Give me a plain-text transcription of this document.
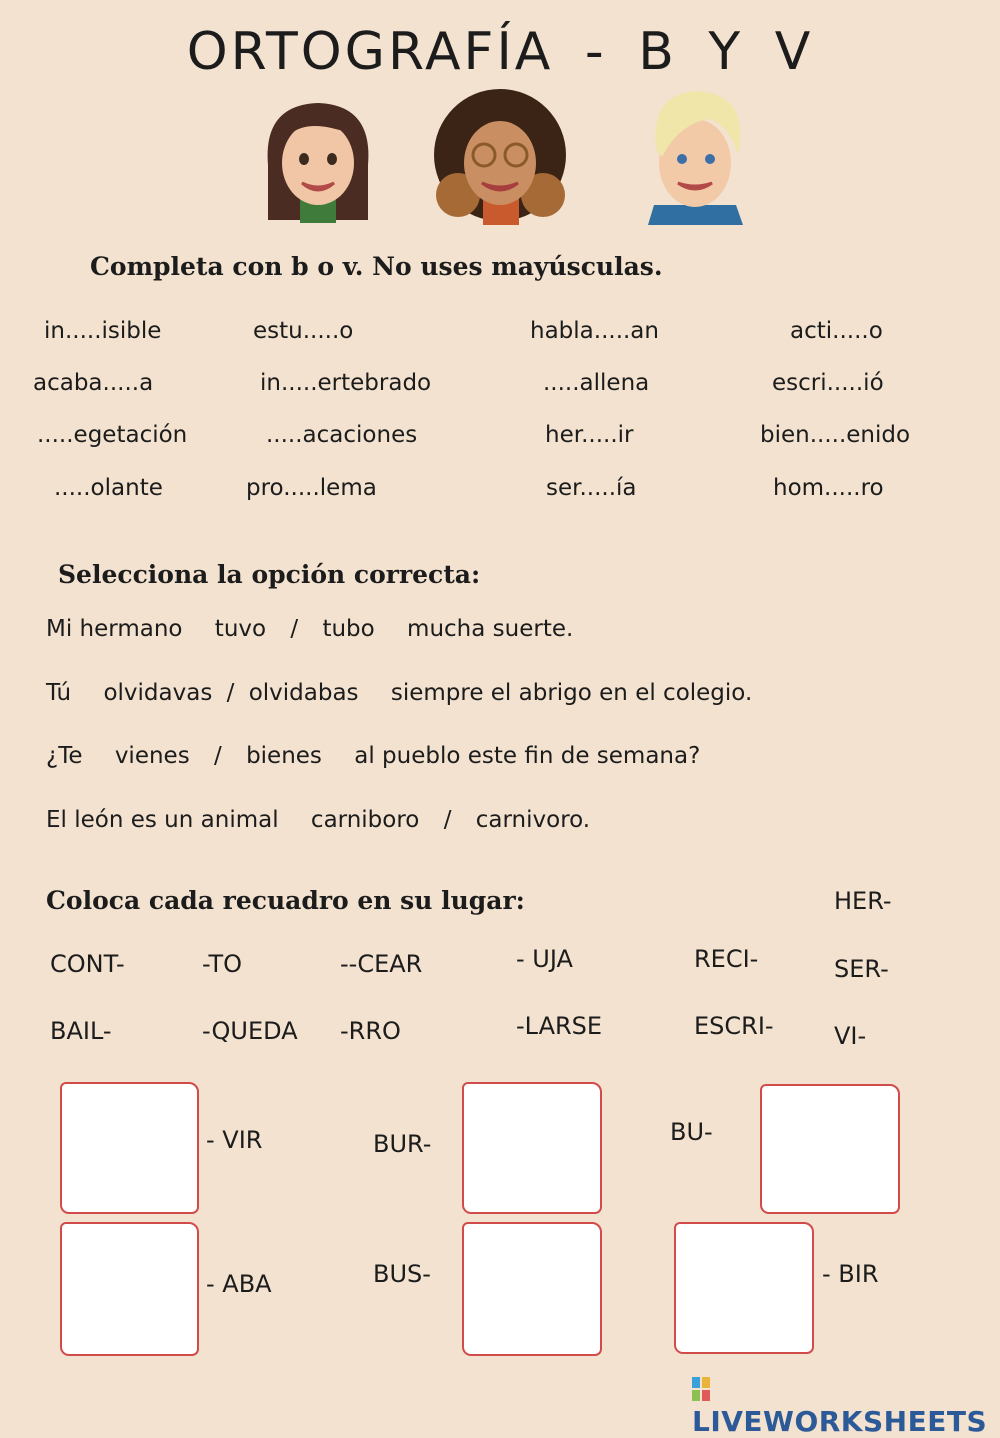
ORTOGRAFÍA - B Y V
Completa con b o v. No uses mayúsculas.
in.....isible	estu.....o	habla.....an	acti.....o
acaba.....a	in.....ertebrado	.....allena	escri.....ió
.....egetación	.....acaciones	her.....ir	bien.....enido
.....olante	pro.....lema	ser.....ía	hom.....ro
Selecciona la opción correcta:
Mi hermano tuvo / tubo mucha suerte.
Tú olvidavas / olvidabas siempre el abrigo en el colegio.
¿Te vienes / bienes al pueblo este fin de semana?
El león es un animal carniboro / carnivoro.
Coloca cada recuadro en su lugar:
CONT-	-TO	--CEAR	- UJA	RECI-
HER-
SER-
BAIL-	-QUEDA -RRO	-LARSE	ESCRI-	VI-
- VIR	BUR-	BU-
- ABA	BUS-	- BIR
LIVEWORKSHEETS
